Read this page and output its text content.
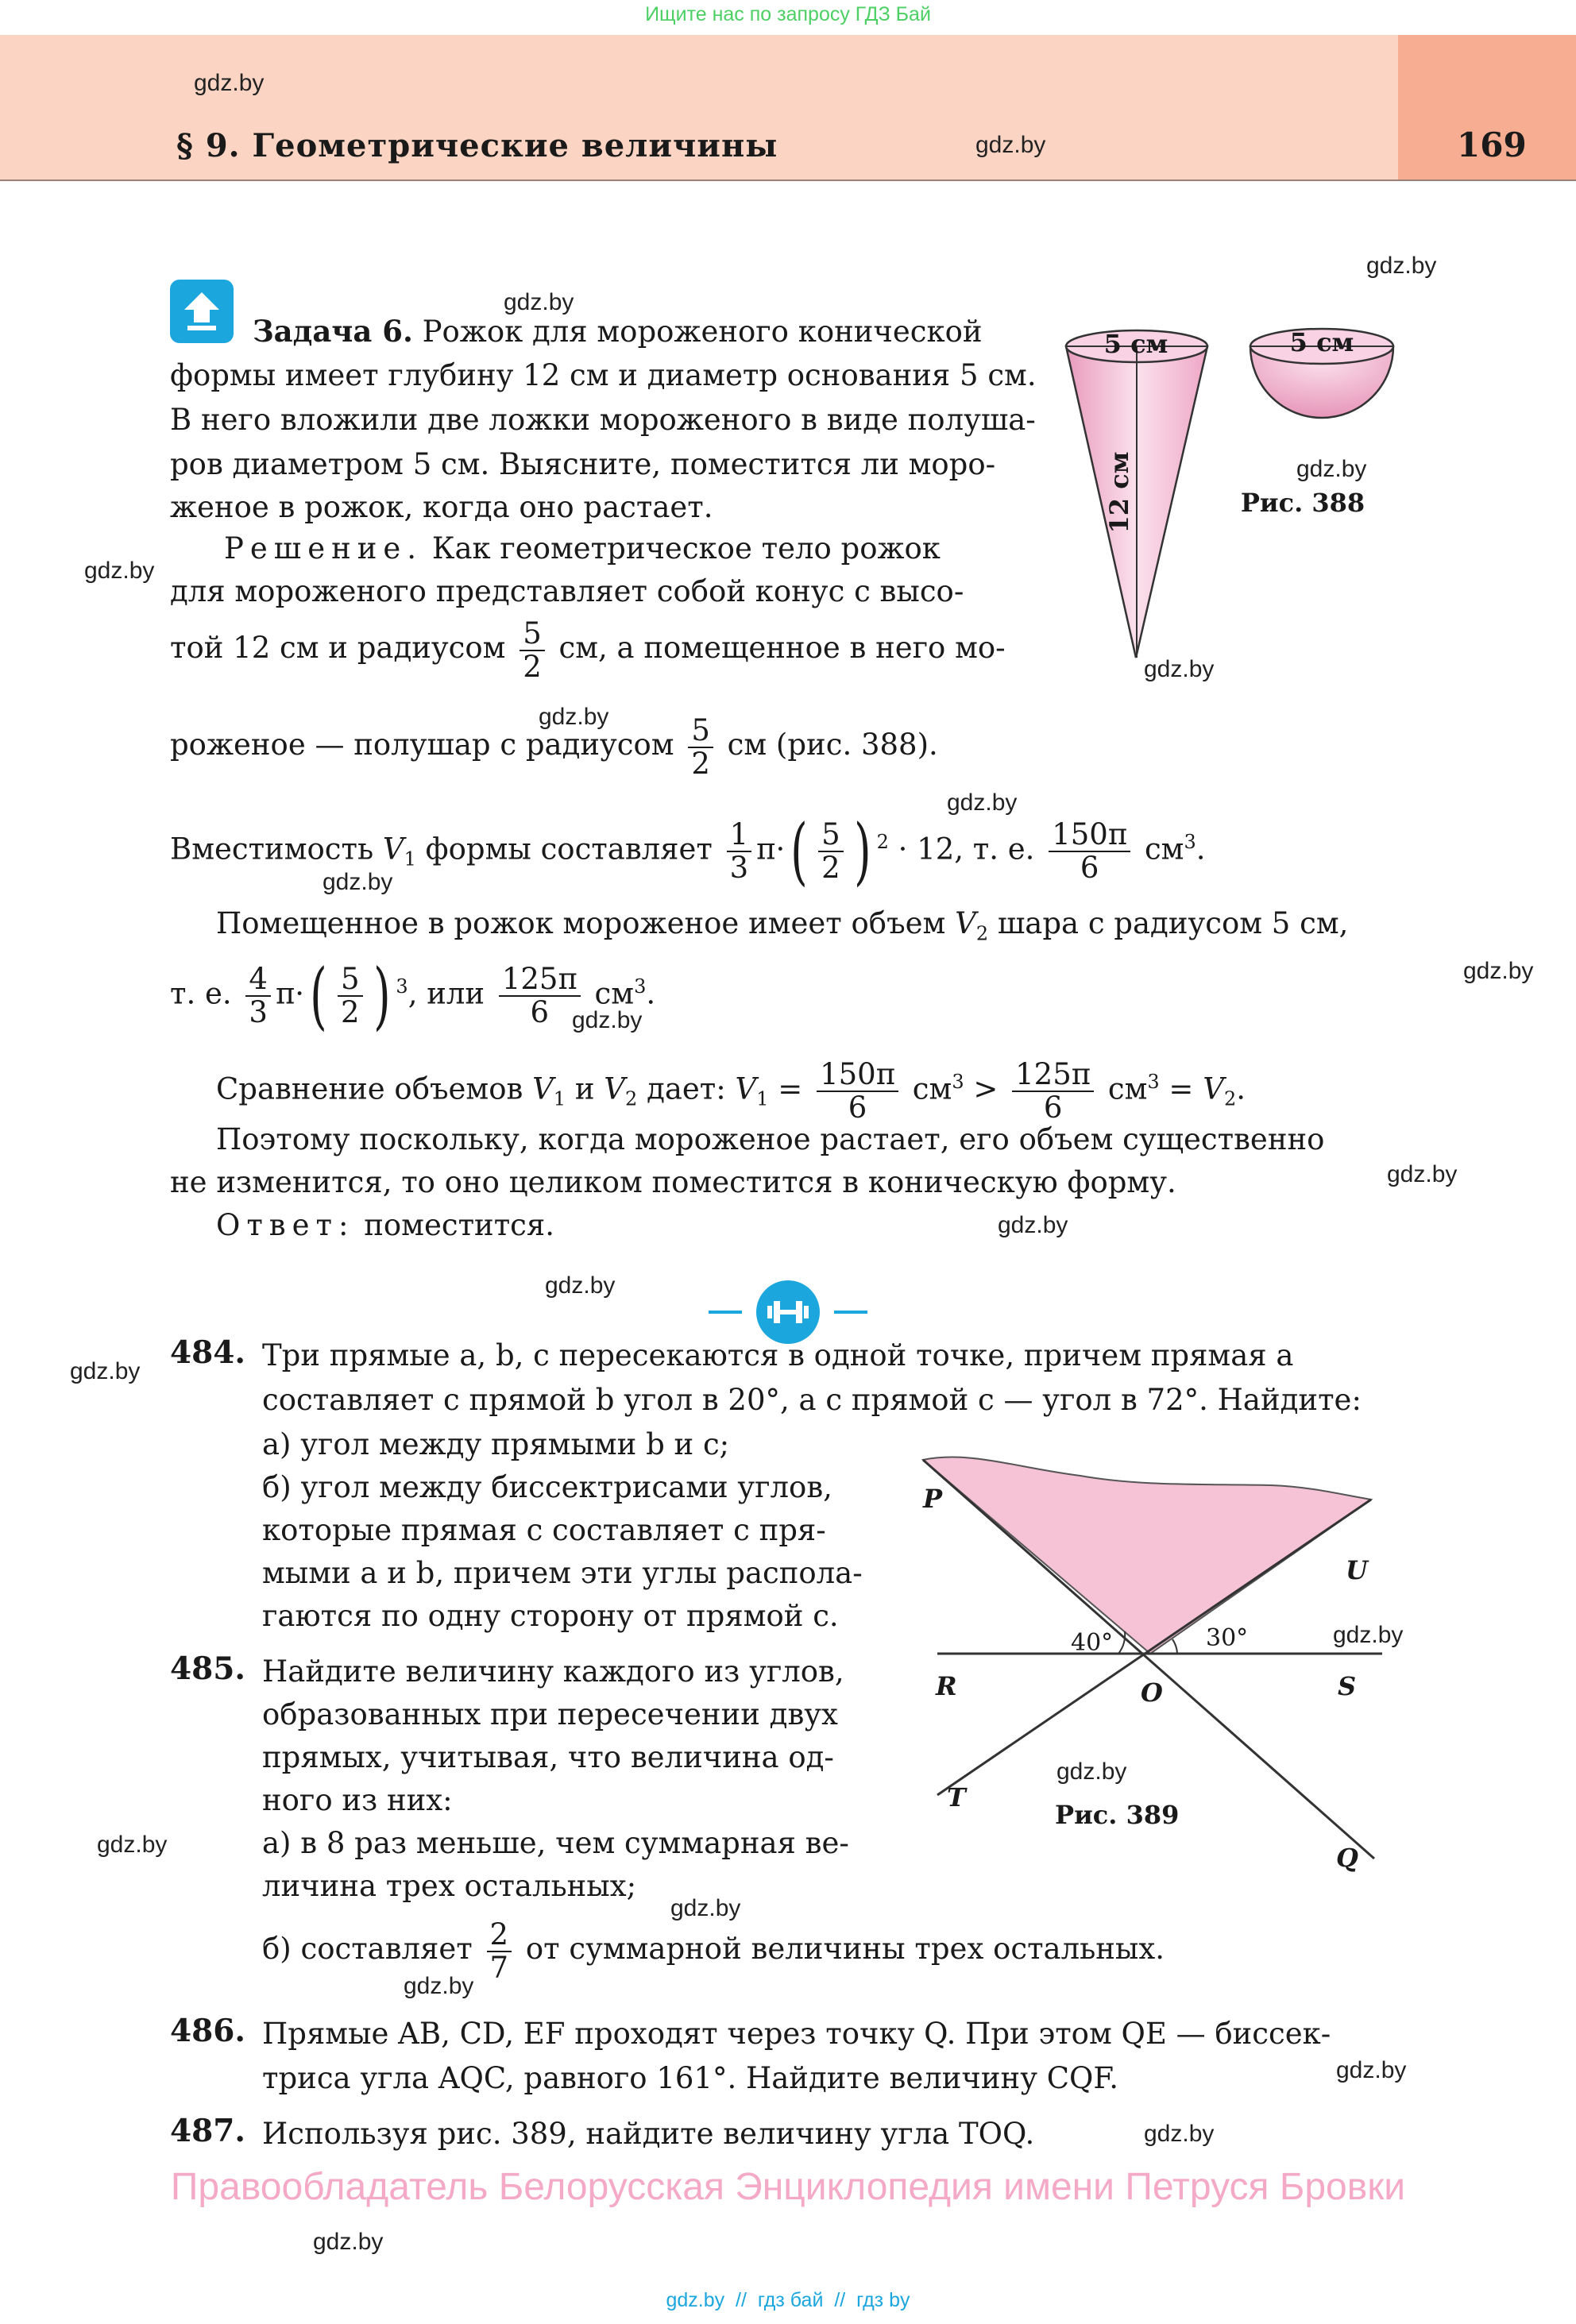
Ищите нас по запросу ГДЗ Бай
§ 9. Геометрические величины	169
gdz.by
gdz.by
gdz.by
gdz.by
gdz.by
gdz.by
gdz.by
gdz.by
gdz.by
gdz.by
gdz.by
gdz.by
gdz.by
gdz.by
gdz.by
gdz.by
gdz.by
gdz.by
gdz.by
gdz.by
gdz.by
gdz.by
gdz.by
gdz.by
Задача 6. Рожок для мороженого конической
формы имеет глубину 12 см и диаметр основания 5 см.
В него вложили две ложки мороженого в виде полуша-
ров диаметром 5 см. Выясните, поместится ли моро-
женое в рожок, когда оно растает.
Решение. Как геометрическое тело рожок
для мороженого представляет собой конус с высо-
той 12 см и радиусом $\frac{5}{2}$ см, а помещенное в него мо-
роженое — полушар с радиусом $\frac{5}{2}$ см (рис. 388).
Вместимость $V_1$ формы составляет $\frac{1}{3} \pi\cdot( \frac{5}{2}$ ) $^2$ · 12, т. е. $\frac{150\pi}{6} см^3$.
Помещенное в рожок мороженое имеет объем $V_2$ шара с радиусом 5 см,
т. е. $\frac{4}{3} \pi\cdot( \frac{5}{2}$ ) $^3$, или $\frac{125\pi}{6} см^3$.
Сравнение объемов $V_1$ и $V_2$ дает: $V_1 = \frac{150\pi}{6} см^3 > \frac{125\pi}{6} см^3 = V_2$.
Поэтому поскольку, когда мороженое растает, его объем существенно
не изменится, то оно целиком поместится в коническую форму.
Ответ: поместится.
484. Три прямые a, b, c пересекаются в одной точке, причем прямая a
составляет с прямой b угол в 20°, а с прямой c — угол в 72°. Найдите:
а) угол между прямыми b и c;
б) угол между биссектрисами углов,
которые прямая c составляет с пря-
мыми a и b, причем эти углы распола-
гаются по одну сторону от прямой c.
485. Найдите величину каждого из углов,
образованных при пересечении двух
прямых, учитывая, что величина од-
ного из них:
а) в 8 раз меньше, чем суммарная ве-
личина трех остальных;
б) составляет $\frac{2}{7}$ от суммарной величины трех остальных.
486. Прямые AB, CD, EF проходят через точку Q. При этом QE — биссек-
триса угла AQC, равного 161°. Найдите величину CQF.
487. Используя рис. 389, найдите величину угла TOQ.
5 см	5 см
12 см	Рис. 388
P
U
R	O	S
T
Q
40°	30°
Рис. 389
Правообладатель Белорусская Энциклопедия имени Петруся Бровки
gdz.by  //  гдз бай  //  гдз by
